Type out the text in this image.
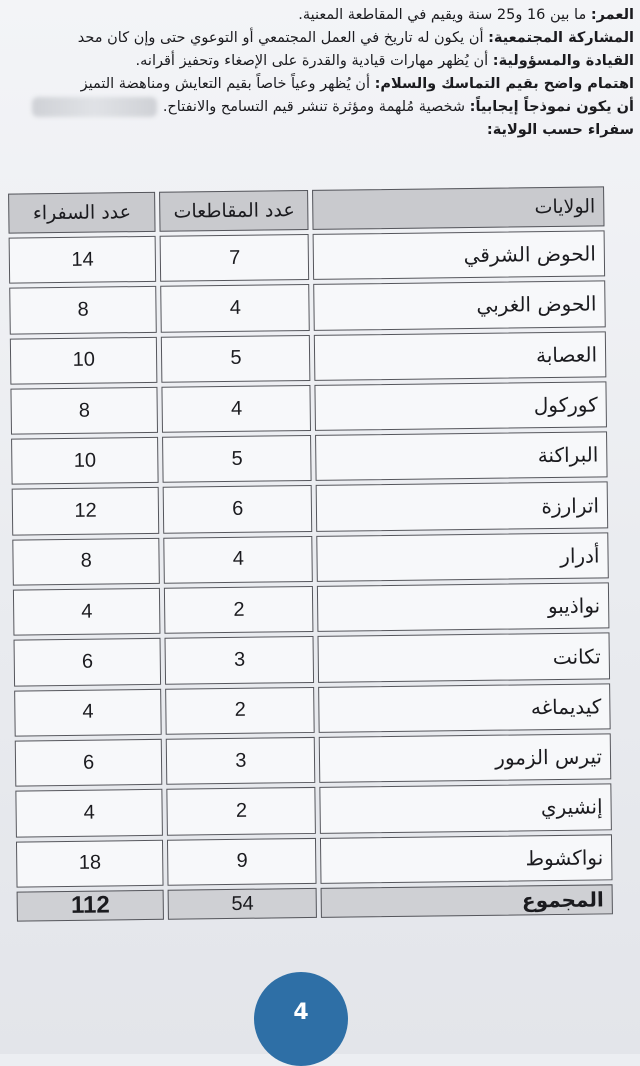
العمر: ما بين 16 و25 سنة ويقيم في المقاطعة المعنية.
المشاركة المجتمعية: أن يكون له تاريخ في العمل المجتمعي أو التوعوي حتى وإن كان محد
القيادة والمسؤولية: أن يُظهر مهارات قيادية والقدرة على الإصغاء وتحفيز أقرانه.
اهتمام واضح بقيم التماسك والسلام: أن يُظهر وعياً خاصاً بقيم التعايش ومناهضة التميز
أن يكون نموذجاً إيجابياً: شخصية مُلهمة ومؤثرة تنشر قيم التسامح والانفتاح.
سفراء حسب الولاية:
الولايات	عدد المقاطعات	عدد السفراء
الحوض الشرقي	7	14
الحوض الغربي	4	8
العصابة	5	10
كوركول	4	8
البراكنة	5	10
اترارزة	6	12
أدرار	4	8
نواذيبو	2	4
تكانت	3	6
كيديماغه	2	4
تيرس الزمور	3	6
إنشيري	2	4
نواكشوط	9	18
المجموع	54	112
4
